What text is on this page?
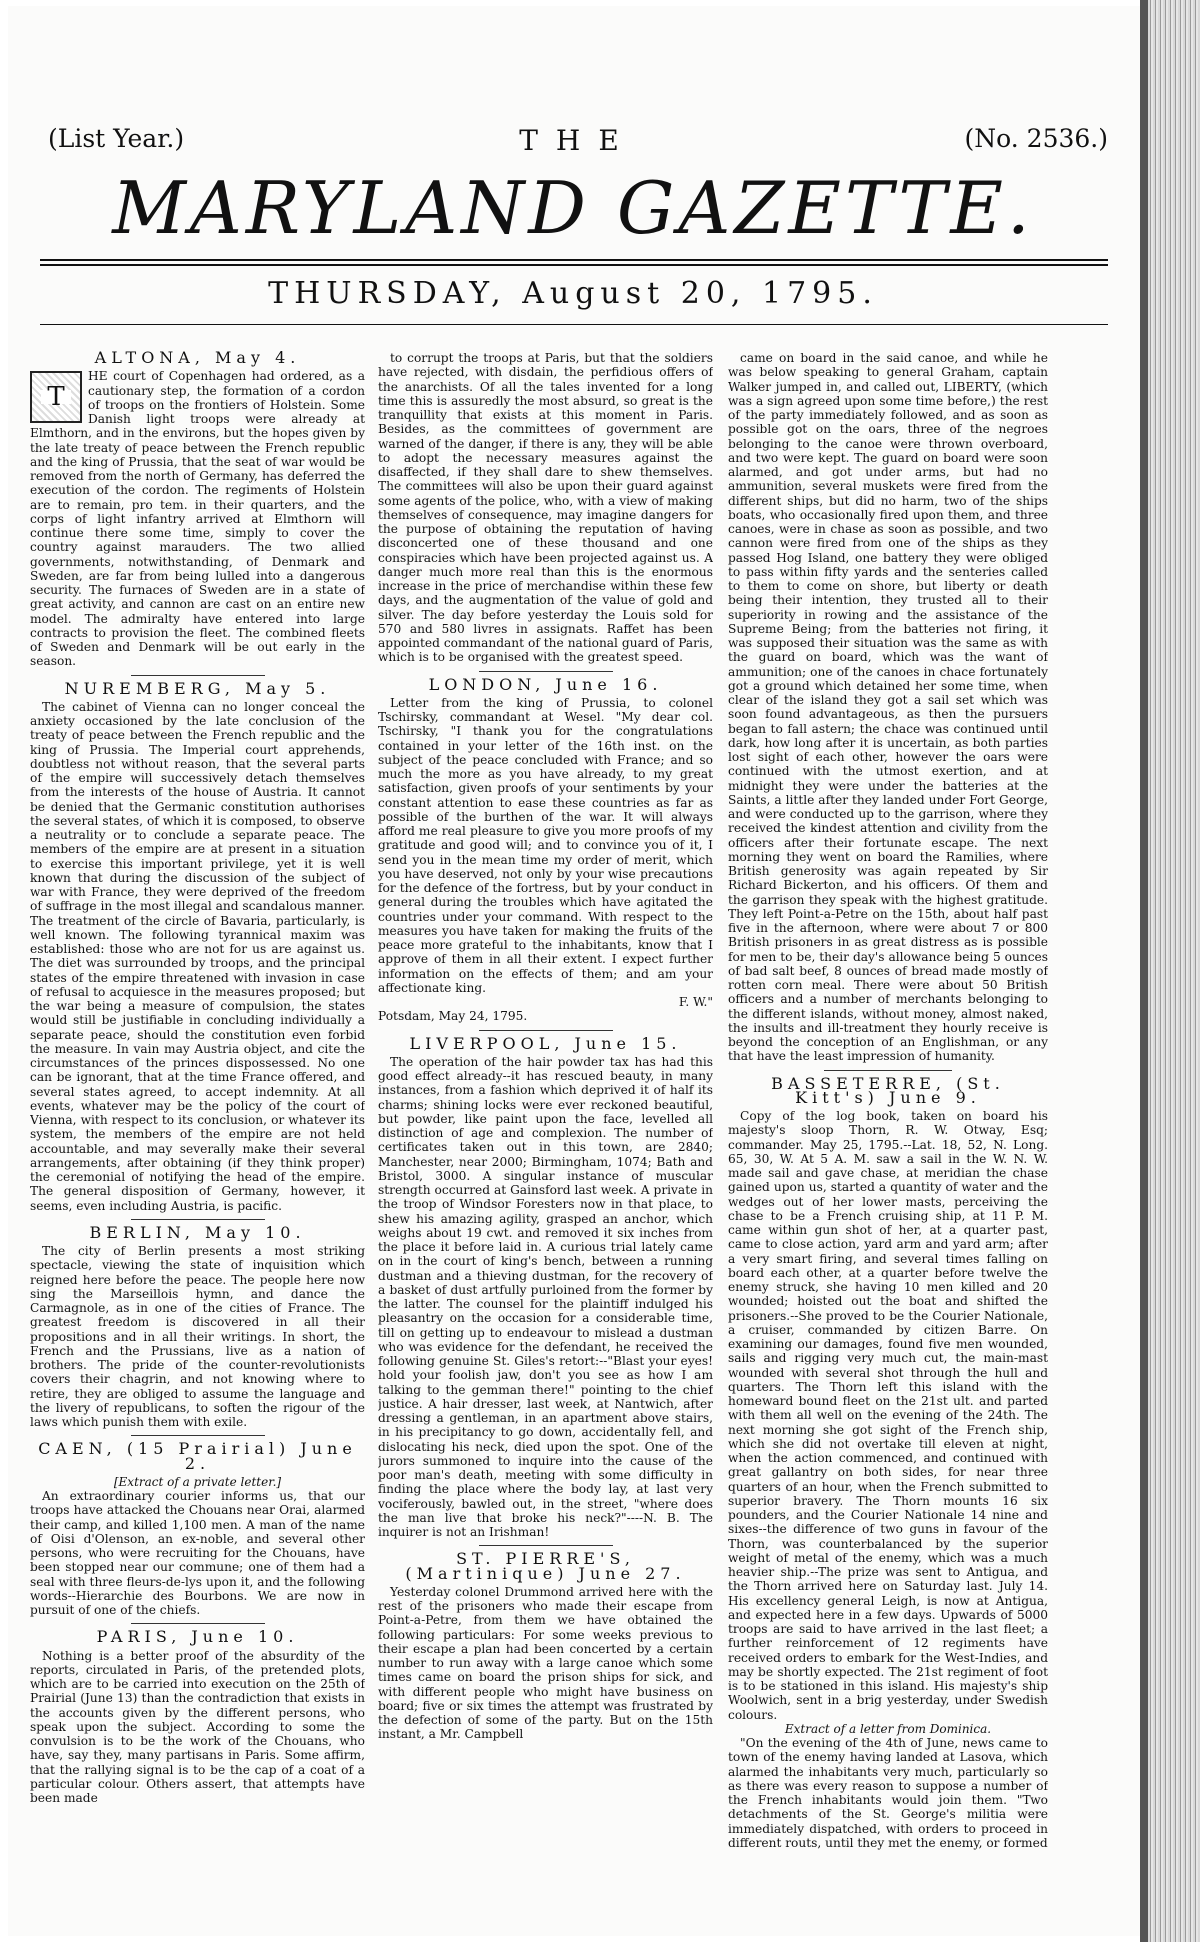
(List Year.)	THE	(No. 2536.)
MARYLAND GAZETTE.
THURSDAY, August 20, 1795.
ALTONA, May 4.
T

HE court of Copenhagen had ordered, as a cautionary step, the formation of a cordon of troops on the frontiers of Holstein. Some Danish light troops were already at Elmthorn, and in the environs, but the hopes given by the late treaty of peace between the French republic and the king of Prussia, that the seat of war would be removed from the north of Germany, has deferred the execution of the cordon. The regiments of Holstein are to remain, pro tem. in their quarters, and the corps of light infantry arrived at Elmthorn will continue there some time, simply to cover the country against marauders. The two allied governments, notwithstanding, of Denmark and Sweden, are far from being lulled into a dangerous security. The furnaces of Sweden are in a state of great activity, and cannon are cast on an entire new model. The admiralty have entered into large contracts to provision the fleet. The combined fleets of Sweden and Denmark will be out early in the season.

NUREMBERG, May 5.

The cabinet of Vienna can no longer conceal the anxiety occasioned by the late conclusion of the treaty of peace between the French republic and the king of Prussia. The Imperial court apprehends, doubtless not without reason, that the several parts of the empire will successively detach themselves from the interests of the house of Austria. It cannot be denied that the Germanic constitution authorises the several states, of which it is composed, to observe a neutrality or to conclude a separate peace. The members of the empire are at present in a situation to exercise this important privilege, yet it is well known that during the discussion of the subject of war with France, they were deprived of the freedom of suffrage in the most illegal and scandalous manner. The treatment of the circle of Bavaria, particularly, is well known. The following tyrannical maxim was established: those who are not for us are against us. The diet was surrounded by troops, and the principal states of the empire threatened with invasion in case of refusal to acquiesce in the measures proposed; but the war being a measure of compulsion, the states would still be justifiable in concluding individually a separate peace, should the constitution even forbid the measure. In vain may Austria object, and cite the circumstances of the princes dispossessed. No one can be ignorant, that at the time France offered, and several states agreed, to accept indemnity. At all events, whatever may be the policy of the court of Vienna, with respect to its conclusion, or whatever its system, the members of the empire are not held accountable, and may severally make their several arrangements, after obtaining (if they think proper) the ceremonial of notifying the head of the empire. The general disposition of Germany, however, it seems, even including Austria, is pacific.

BERLIN, May 10.

The city of Berlin presents a most striking spectacle, viewing the state of inquisition which reigned here before the peace. The people here now sing the Marseillois hymn, and dance the Carmagnole, as in one of the cities of France. The greatest freedom is discovered in all their propositions and in all their writings. In short, the French and the Prussians, live as a nation of brothers. The pride of the counter-revolutionists covers their chagrin, and not knowing where to retire, they are obliged to assume the language and the livery of republicans, to soften the rigour of the laws which punish them with exile.

CAEN, (15 Prairial) June 2.
[Extract of a private letter.]

An extraordinary courier informs us, that our troops have attacked the Chouans near Orai, alarmed their camp, and killed 1,100 men. A man of the name of Oisi d'Olenson, an ex-noble, and several other persons, who were recruiting for the Chouans, have been stopped near our commune; one of them had a seal with three fleurs-de-lys upon it, and the following words--Hierarchie des Bourbons. We are now in pursuit of one of the chiefs.

PARIS, June 10.

Nothing is a better proof of the absurdity of the reports, circulated in Paris, of the pretended plots, which are to be carried into execution on the 25th of Prairial (June 13) than the contradiction that exists in the accounts given by the different persons, who speak upon the subject. According to some the convulsion is to be the work of the Chouans, who have, say they, many partisans in Paris. Some affirm, that the rallying signal is to be the cap of a coat of a particular colour. Others assert, that attempts have been made

to corrupt the troops at Paris, but that the soldiers have rejected, with disdain, the perfidious offers of the anarchists. Of all the tales invented for a long time this is assuredly the most absurd, so great is the tranquillity that exists at this moment in Paris. Besides, as the committees of government are warned of the danger, if there is any, they will be able to adopt the necessary measures against the disaffected, if they shall dare to shew themselves. The committees will also be upon their guard against some agents of the police, who, with a view of making themselves of consequence, may imagine dangers for the purpose of obtaining the reputation of having disconcerted one of these thousand and one conspiracies which have been projected against us. A danger much more real than this is the enormous increase in the price of merchandise within these few days, and the augmentation of the value of gold and silver. The day before yesterday the Louis sold for 570 and 580 livres in assignats. Raffet has been appointed commandant of the national guard of Paris, which is to be organised with the greatest speed.

LONDON, June 16.

Letter from the king of Prussia, to colonel Tschirsky, commandant at Wesel. "My dear col. Tschirsky, "I thank you for the congratulations contained in your letter of the 16th inst. on the subject of the peace concluded with France; and so much the more as you have already, to my great satisfaction, given proofs of your sentiments by your constant attention to ease these countries as far as possible of the burthen of the war. It will always afford me real pleasure to give you more proofs of my gratitude and good will; and to convince you of it, I send you in the mean time my order of merit, which you have deserved, not only by your wise precautions for the defence of the fortress, but by your conduct in general during the troubles which have agitated the countries under your command. With respect to the measures you have taken for making the fruits of the peace more grateful to the inhabitants, know that I approve of them in all their extent. I expect further information on the effects of them; and am your affectionate king.

F. W."
Potsdam, May 24, 1795.
LIVERPOOL, June 15.

The operation of the hair powder tax has had this good effect already--it has rescued beauty, in many instances, from a fashion which deprived it of half its charms; shining locks were ever reckoned beautiful, but powder, like paint upon the face, levelled all distinction of age and complexion. The number of certificates taken out in this town, are 2840; Manchester, near 2000; Birmingham, 1074; Bath and Bristol, 3000. A singular instance of muscular strength occurred at Gainsford last week. A private in the troop of Windsor Foresters now in that place, to shew his amazing agility, grasped an anchor, which weighs about 19 cwt. and removed it six inches from the place it before laid in. A curious trial lately came on in the court of king's bench, between a running dustman and a thieving dustman, for the recovery of a basket of dust artfully purloined from the former by the latter. The counsel for the plaintiff indulged his pleasantry on the occasion for a considerable time, till on getting up to endeavour to mislead a dustman who was evidence for the defendant, he received the following genuine St. Giles's retort:--"Blast your eyes! hold your foolish jaw, don't you see as how I am talking to the gemman there!" pointing to the chief justice. A hair dresser, last week, at Nantwich, after dressing a gentleman, in an apartment above stairs, in his precipitancy to go down, accidentally fell, and dislocating his neck, died upon the spot. One of the jurors summoned to inquire into the cause of the poor man's death, meeting with some difficulty in finding the place where the body lay, at last very vociferously, bawled out, in the street, "where does the man live that broke his neck?"----N. B. The inquirer is not an Irishman!

ST. PIERRE'S, (Martinique) June 27.

Yesterday colonel Drummond arrived here with the rest of the prisoners who made their escape from Point-a-Petre, from them we have obtained the following particulars: For some weeks previous to their escape a plan had been concerted by a certain number to run away with a large canoe which some times came on board the prison ships for sick, and with different people who might have business on board; five or six times the attempt was frustrated by the defection of some of the party. But on the 15th instant, a Mr. Campbell

came on board in the said canoe, and while he was below speaking to general Graham, captain Walker jumped in, and called out, LIBERTY, (which was a sign agreed upon some time before,) the rest of the party immediately followed, and as soon as possible got on the oars, three of the negroes belonging to the canoe were thrown overboard, and two were kept. The guard on board were soon alarmed, and got under arms, but had no ammunition, several muskets were fired from the different ships, but did no harm, two of the ships boats, who occasionally fired upon them, and three canoes, were in chase as soon as possible, and two cannon were fired from one of the ships as they passed Hog Island, one battery they were obliged to pass within fifty yards and the senteries called to them to come on shore, but liberty or death being their intention, they trusted all to their superiority in rowing and the assistance of the Supreme Being; from the batteries not firing, it was supposed their situation was the same as with the guard on board, which was the want of ammunition; one of the canoes in chace fortunately got a ground which detained her some time, when clear of the island they got a sail set which was soon found advantageous, as then the pursuers began to fall astern; the chace was continued until dark, how long after it is uncertain, as both parties lost sight of each other, however the oars were continued with the utmost exertion, and at midnight they were under the batteries at the Saints, a little after they landed under Fort George, and were conducted up to the garrison, where they received the kindest attention and civility from the officers after their fortunate escape. The next morning they went on board the Ramilies, where British generosity was again repeated by Sir Richard Bickerton, and his officers. Of them and the garrison they speak with the highest gratitude. They left Point-a-Petre on the 15th, about half past five in the afternoon, where were about 7 or 800 British prisoners in as great distress as is possible for men to be, their day's allowance being 5 ounces of bad salt beef, 8 ounces of bread made mostly of rotten corn meal. There were about 50 British officers and a number of merchants belonging to the different islands, without money, almost naked, the insults and ill-treatment they hourly receive is beyond the conception of an Englishman, or any that have the least impression of humanity.

BASSETERRE, (St. Kitt's) June 9.

Copy of the log book, taken on board his majesty's sloop Thorn, R. W. Otway, Esq; commander. May 25, 1795.--Lat. 18, 52, N. Long. 65, 30, W. At 5 A. M. saw a sail in the W. N. W. made sail and gave chase, at meridian the chase gained upon us, started a quantity of water and the wedges out of her lower masts, perceiving the chase to be a French cruising ship, at 11 P. M. came within gun shot of her, at a quarter past, came to close action, yard arm and yard arm; after a very smart firing, and several times falling on board each other, at a quarter before twelve the enemy struck, she having 10 men killed and 20 wounded; hoisted out the boat and shifted the prisoners.--She proved to be the Courier Nationale, a cruiser, commanded by citizen Barre. On examining our damages, found five men wounded, sails and rigging very much cut, the main-mast wounded with several shot through the hull and quarters. The Thorn left this island with the homeward bound fleet on the 21st ult. and parted with them all well on the evening of the 24th. The next morning she got sight of the French ship, which she did not overtake till eleven at night, when the action commenced, and continued with great gallantry on both sides, for near three quarters of an hour, when the French submitted to superior bravery. The Thorn mounts 16 six pounders, and the Courier Nationale 14 nine and sixes--the difference of two guns in favour of the Thorn, was counterbalanced by the superior weight of metal of the enemy, which was a much heavier ship.--The prize was sent to Antigua, and the Thorn arrived here on Saturday last. July 14. His excellency general Leigh, is now at Antigua, and expected here in a few days. Upwards of 5000 troops are said to have arrived in the last fleet; a further reinforcement of 12 regiments have received orders to embark for the West-Indies, and may be shortly expected. The 21st regiment of foot is to be stationed in this island. His majesty's ship Woolwich, sent in a brig yesterday, under Swedish colours.

Extract of a letter from Dominica.

"On the evening of the 4th of June, news came to town of the enemy having landed at Lasova, which alarmed the inhabitants very much, particularly so as there was every reason to suppose a number of the French inhabitants would join them. "Two detachments of the St. George's militia were immediately dispatched, with orders to proceed in different routs, until they met the enemy, or formed
